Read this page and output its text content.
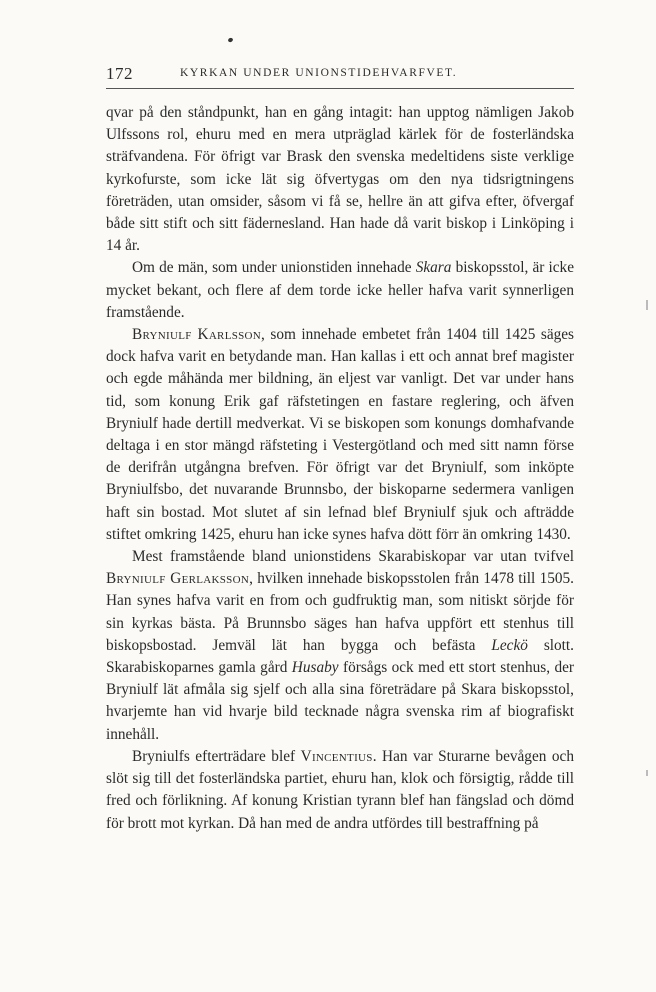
172	KYRKAN UNDER UNIONSTIDEHVARFVET.

qvar på den ståndpunkt, han en gång intagit: han upptog nämligen Jakob Ulfssons rol, ehuru med en mera utpräglad kärlek för de fosterländska sträfvandena. För öfrigt var Brask den svenska medeltidens siste verklige kyrkofurste, som icke lät sig öfvertygas om den nya tidsrigtningens företräden, utan omsider, såsom vi få se, hellre än att gifva efter, öfvergaf både sitt stift och sitt fädernesland. Han hade då varit biskop i Linköping i 14 år.

Om de män, som under unionstiden innehade Skara biskopsstol, är icke mycket bekant, och flere af dem torde icke heller hafva varit synnerligen framstående.

Bryniulf Karlsson, som innehade embetet från 1404 till 1425 säges dock hafva varit en betydande man. Han kallas i ett och annat bref magister och egde måhända mer bildning, än eljest var vanligt. Det var under hans tid, som konung Erik gaf räfstetingen en fastare reglering, och äfven Bryniulf hade dertill medverkat. Vi se biskopen som konungs domhafvande deltaga i en stor mängd räfsteting i Vestergötland och med sitt namn förse de derifrån utgångna brefven. För öfrigt var det Bryniulf, som inköpte Bryniulfsbo, det nuvarande Brunnsbo, der biskoparne sedermera vanligen haft sin bostad. Mot slutet af sin lefnad blef Bryniulf sjuk och afträdde stiftet omkring 1425, ehuru han icke synes hafva dött förr än omkring 1430.

Mest framstående bland unionstidens Skarabiskopar var utan tvifvel Bryniulf Gerlaksson, hvilken innehade biskopsstolen från 1478 till 1505. Han synes hafva varit en from och gudfruktig man, som nitiskt sörjde för sin kyrkas bästa. På Brunnsbo säges han hafva uppfört ett stenhus till biskopsbostad. Jemväl lät han bygga och befästa Leckö slott. Skarabiskoparnes gamla gård Husaby försågs ock med ett stort stenhus, der Bryniulf lät afmåla sig sjelf och alla sina företrädare på Skara biskopsstol, hvarjemte han vid hvarje bild tecknade några svenska rim af biografiskt innehåll.

Bryniulfs efterträdare blef Vincentius. Han var Sturarne bevågen och slöt sig till det fosterländska partiet, ehuru han, klok och försigtig, rådde till fred och förlikning. Af konung Kristian tyrann blef han fängslad och dömd för brott mot kyrkan. Då han med de andra utfördes till bestraffning på
